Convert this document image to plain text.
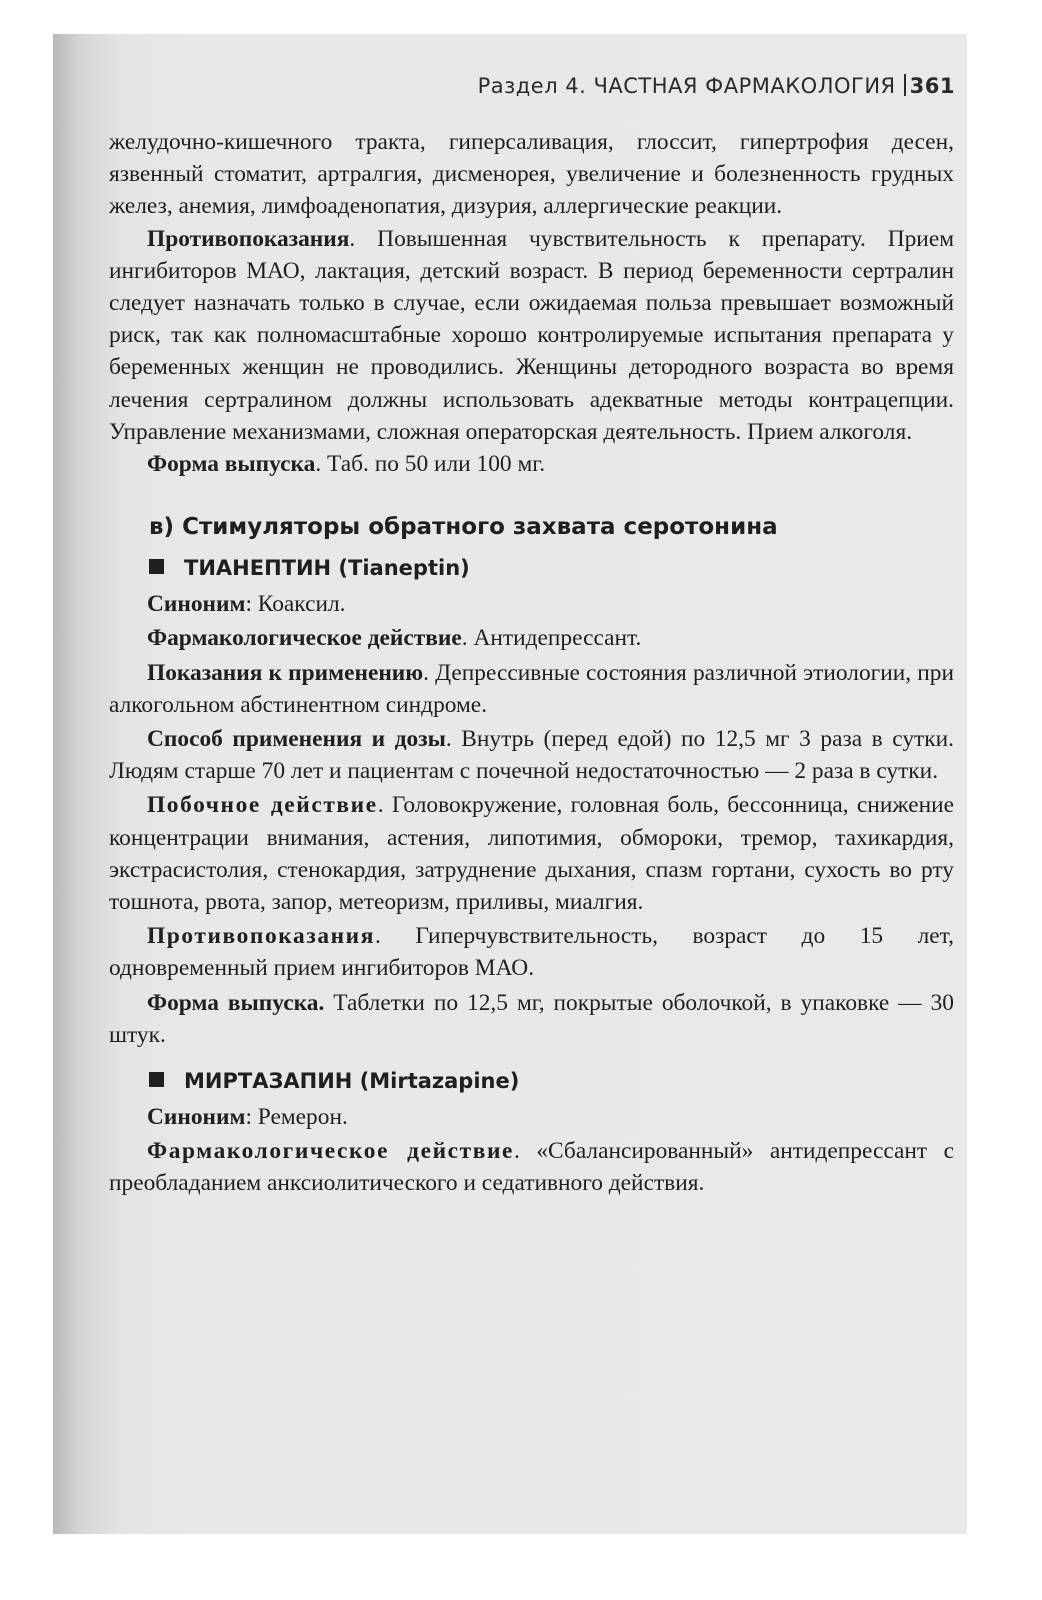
Раздел 4. ЧАСТНАЯ ФАРМАКОЛОГИЯ 361

желудочно-кишечного тракта, гиперсаливация, глоссит, гипертрофия десен, язвенный стоматит, артралгия, дисменорея, увеличение и болезненность грудных желез, анемия, лимфоаденопатия, дизурия, аллергические реакции.

Противопоказания. Повышенная чувствительность к препарату. Прием ингибиторов МАО, лактация, детский возраст. В период беременности сертралин следует назначать только в случае, если ожидаемая польза превышает возможный риск, так как полномасштабные хорошо контролируемые испытания препарата у беременных женщин не проводились. Женщины детородного возраста во время лечения сертралином должны использовать адекватные методы контрацепции. Управление механизмами, сложная операторская деятельность. Прием алкоголя.

Форма выпуска. Таб. по 50 или 100 мг.

в) Стимуляторы обратного захвата серотонина
ТИАНЕПТИН (Tianeptin)

Синоним: Коаксил.

Фармакологическое действие. Антидепрессант.

Показания к применению. Депрессивные состояния различной этиологии, при алкогольном абстинентном синдроме.

Способ применения и дозы. Внутрь (перед едой) по 12,5 мг 3 раза в сутки. Людям старше 70 лет и пациентам с почечной недостаточностью — 2 раза в сутки.

Побочное действие. Головокружение, головная боль, бессонница, снижение концентрации внимания, астения, липотимия, обмороки, тремор, тахикардия, экстрасистолия, стенокардия, затруднение дыхания, спазм гортани, сухость во рту тошнота, рвота, запор, метеоризм, приливы, миалгия.

Противопоказания. Гиперчувствительность, возраст до 15 лет, одновременный прием ингибиторов МАО.

Форма выпуска. Таблетки по 12,5 мг, покрытые оболочкой, в упаковке — 30 штук.

МИРТАЗАПИН (Mirtazapine)

Синоним: Ремерон.

Фармакологическое действие. «Сбалансированный» антидепрессант с преобладанием анксиолитического и седативного действия.
